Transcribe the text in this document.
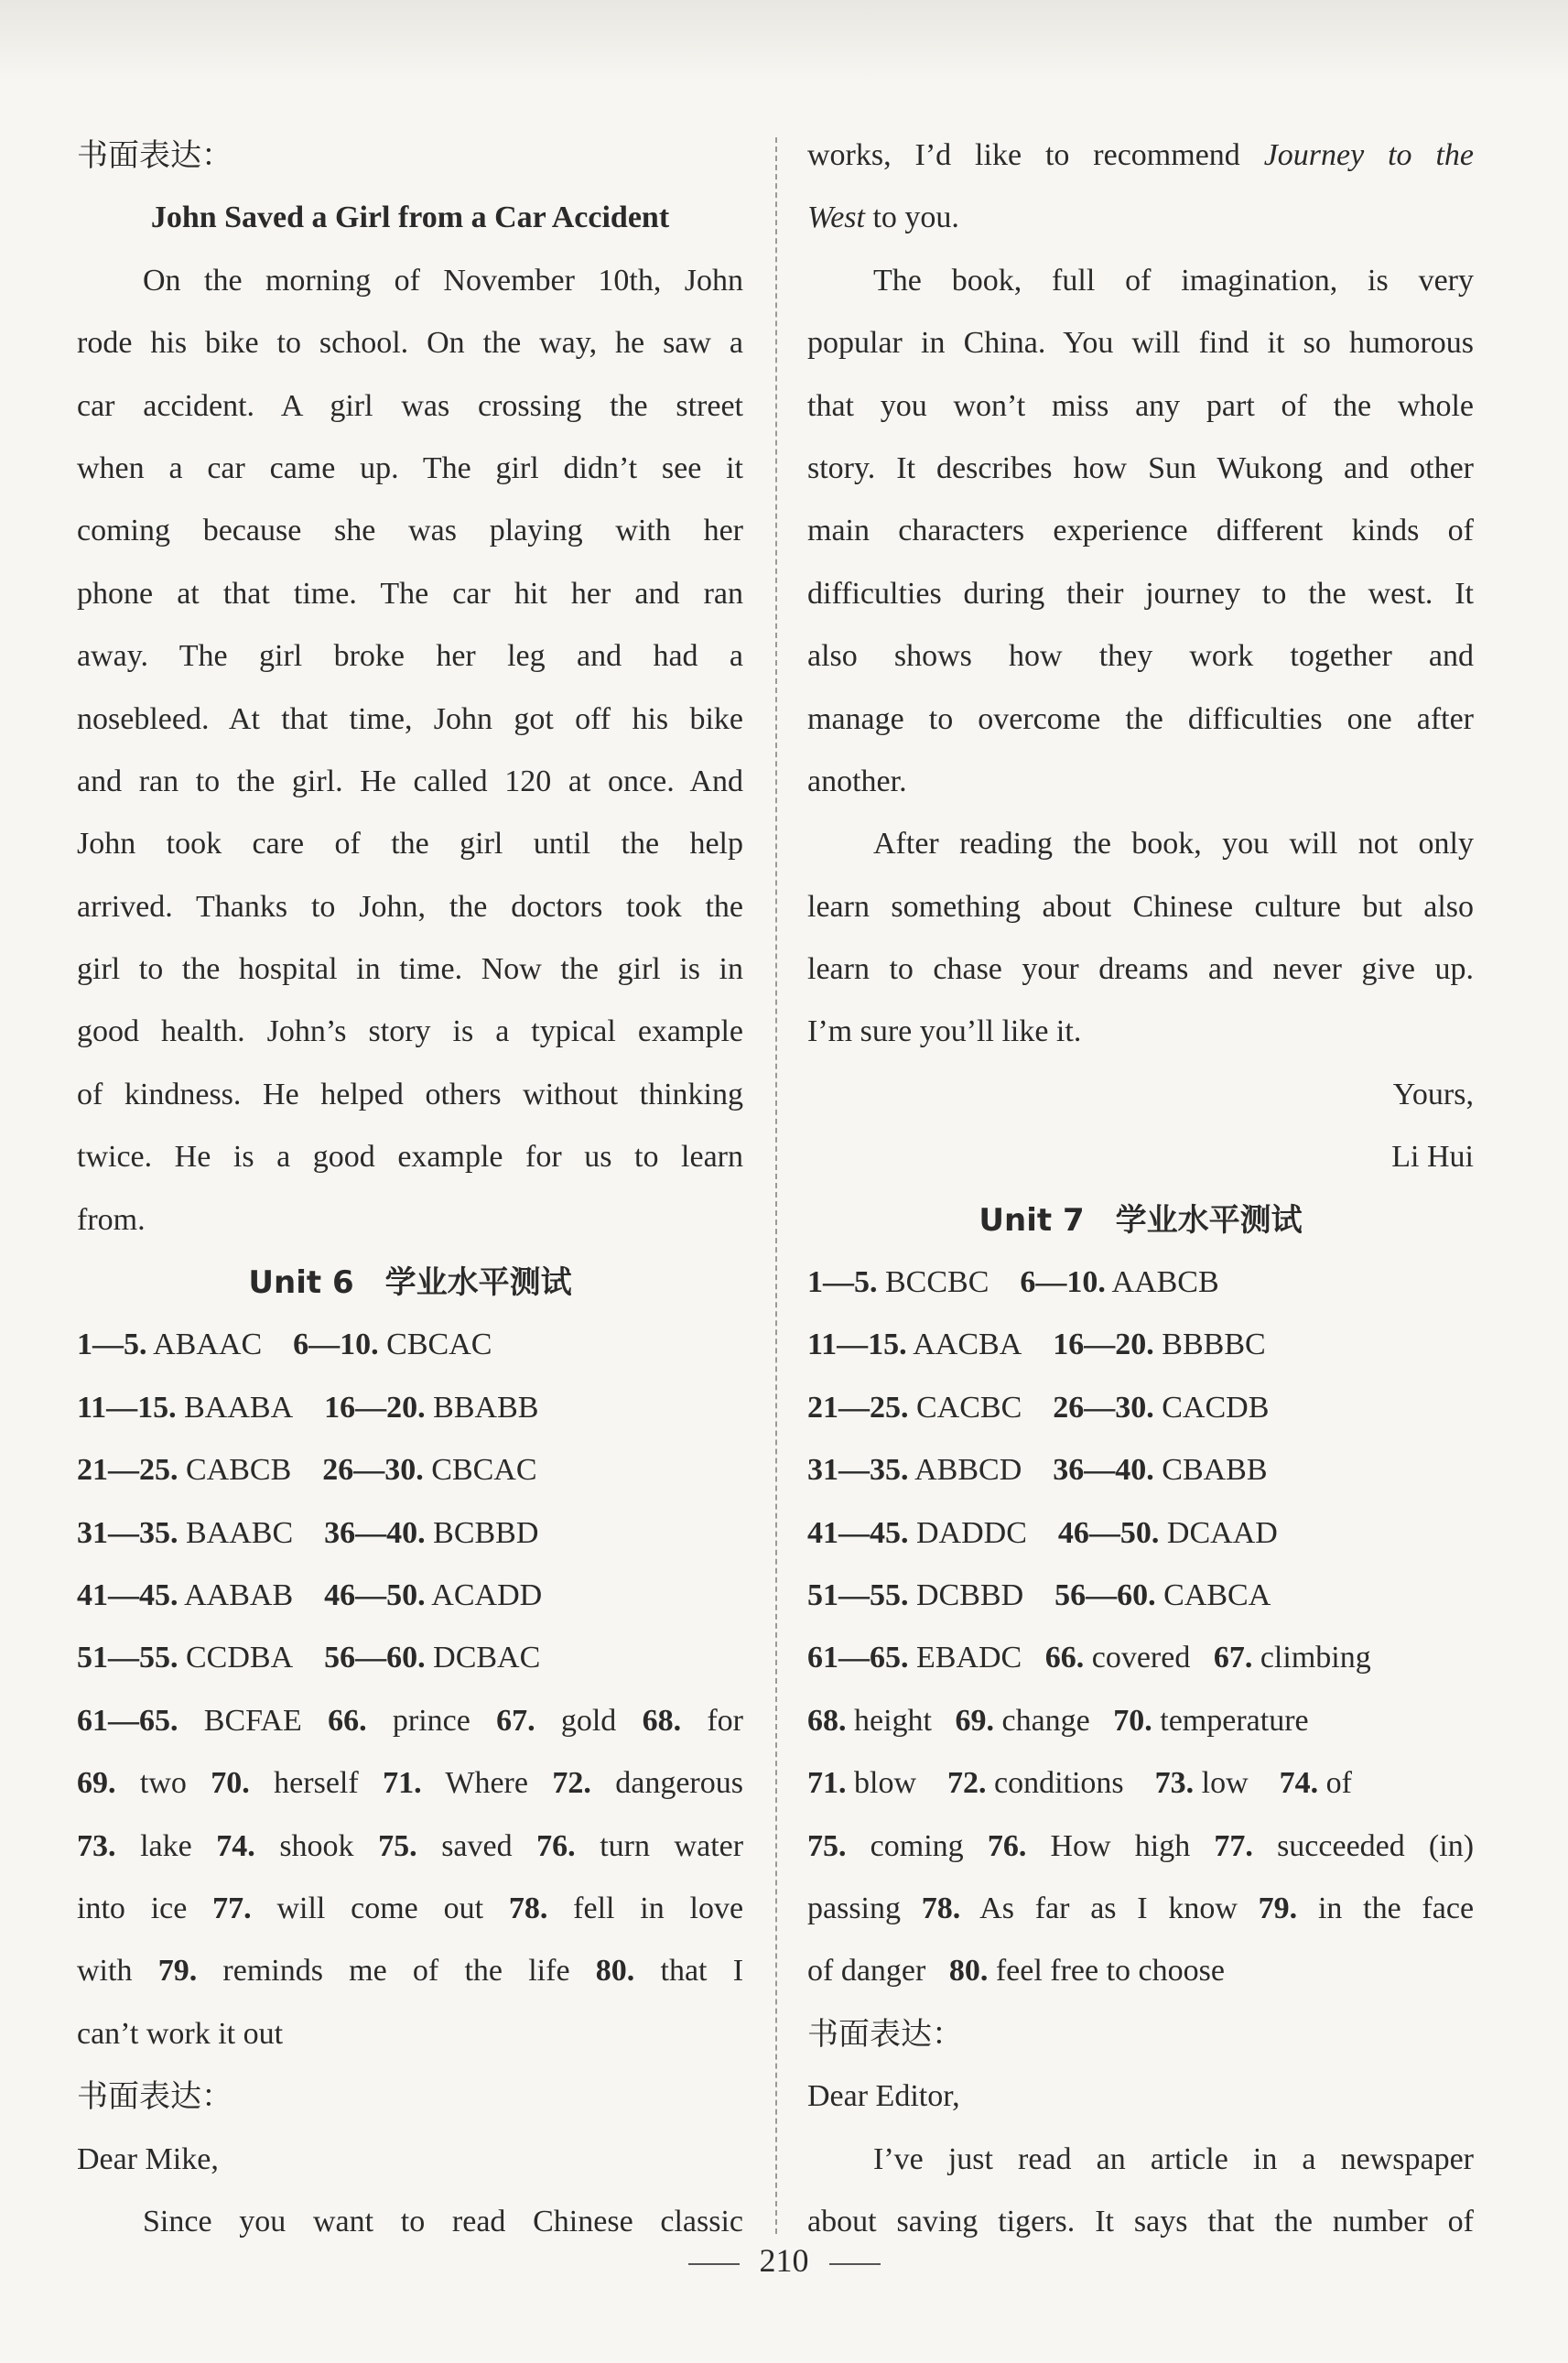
书面表达：
John Saved a Girl from a Car Accident
On the morning of November 10th, John
rode his bike to school. On the way, he saw a
car accident. A girl was crossing the street
when a car came up. The girl didn’t see it
coming because she was playing with her
phone at that time. The car hit her and ran
away. The girl broke her leg and had a
nosebleed. At that time, John got off his bike
and ran to the girl. He called 120 at once. And
John took care of the girl until the help
arrived. Thanks to John, the doctors took the
girl to the hospital in time. Now the girl is in
good health. John’s story is a typical example
of kindness. He helped others without thinking
twice. He is a good example for us to learn
from.
Unit 6　学业水平测试
1—5. ABAAC 6—10. CBCAC
11—15. BAABA 16—20. BBABB
21—25. CABCB 26—30. CBCAC
31—35. BAABC 36—40. BCBBD
41—45. AABAB 46—50. ACADD
51—55. CCDBA 56—60. DCBAC
61—65. BCFAE 66. prince 67. gold 68. for
69. two 70. herself 71. Where 72. dangerous
73. lake 74. shook 75. saved 76. turn water
into ice 77. will come out 78. fell in love
with 79. reminds me of the life 80. that I
can’t work it out
书面表达：
Dear Mike,
Since you want to read Chinese classic
works, I’d like to recommend Journey to the
West to you.
The book, full of imagination, is very
popular in China. You will find it so humorous
that you won’t miss any part of the whole
story. It describes how Sun Wukong and other
main characters experience different kinds of
difficulties during their journey to the west. It
also shows how they work together and
manage to overcome the difficulties one after
another.
After reading the book, you will not only
learn something about Chinese culture but also
learn to chase your dreams and never give up.
I’m sure you’ll like it.
Yours,
Li Hui
Unit 7　学业水平测试
1—5. BCCBC 6—10. AABCB
11—15. AACBA 16—20. BBBBC
21—25. CACBC 26—30. CACDB
31—35. ABBCD 36—40. CBABB
41—45. DADDC 46—50. DCAAD
51—55. DCBBD 56—60. CABCA
61—65. EBADC 66. covered 67. climbing
68. height 69. change 70. temperature
71. blow 72. conditions 73. low 74. of
75. coming 76. How high 77. succeeded (in)
passing 78. As far as I know 79. in the face
of danger 80. feel free to choose
书面表达：
Dear Editor,
I’ve just read an article in a newspaper
about saving tigers. It says that the number of
210
